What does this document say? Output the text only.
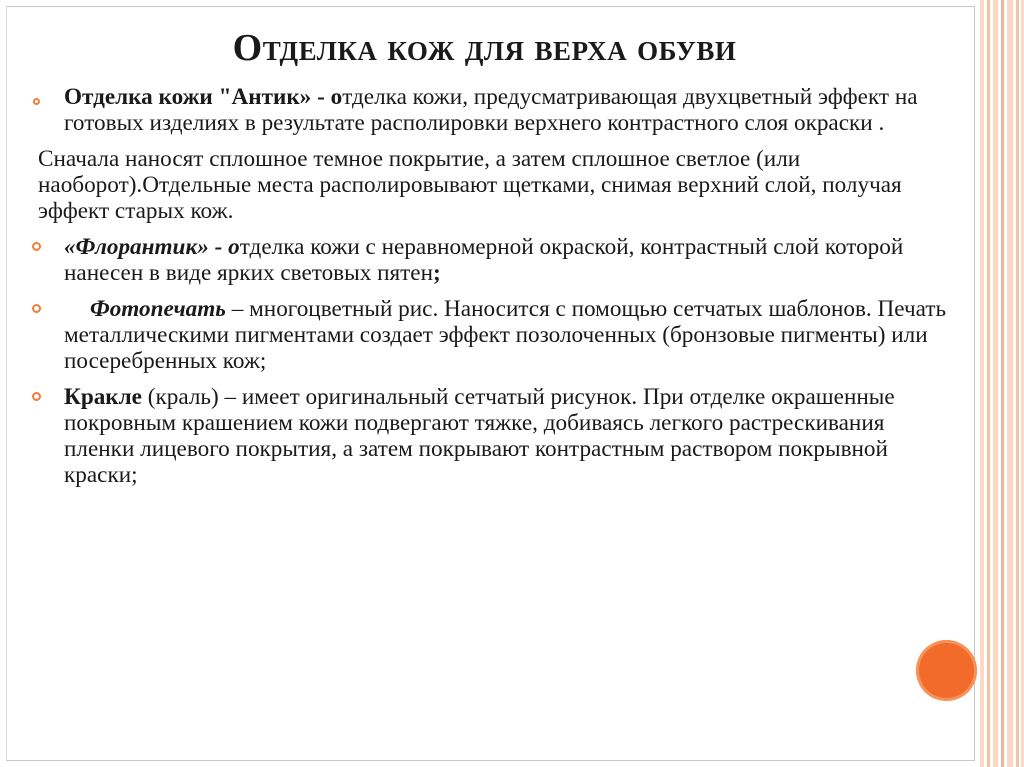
Отделка кож для верха обуви

Отделка кожи "Антик» - отделка кожи, предусматривающая двухцветный эффект на готовых изделиях в результате располировки верхнего контрастного слоя окраски .

Сначала наносят сплошное темное покрытие, а затем сплошное светлое (или наоборот).Отдельные места располировывают щетками, снимая верхний слой, получая эффект старых кож.

«Флорантик» - отделка кожи с неравномерной окраской, контрастный слой которой нанесен в виде ярких световых пятен;

Фотопечать – многоцветный рис. Наносится с помощью сетчатых шаблонов. Печать металлическими пигментами создает эффект позолоченных (бронзовые пигменты) или посеребренных кож;

Кракле (краль) – имеет оригинальный сетчатый рисунок. При отделке окрашенные покровным крашением кожи подвергают тяжке, добиваясь легкого растрескивания пленки лицевого покрытия, а затем покрывают контрастным раствором покрывной краски;
